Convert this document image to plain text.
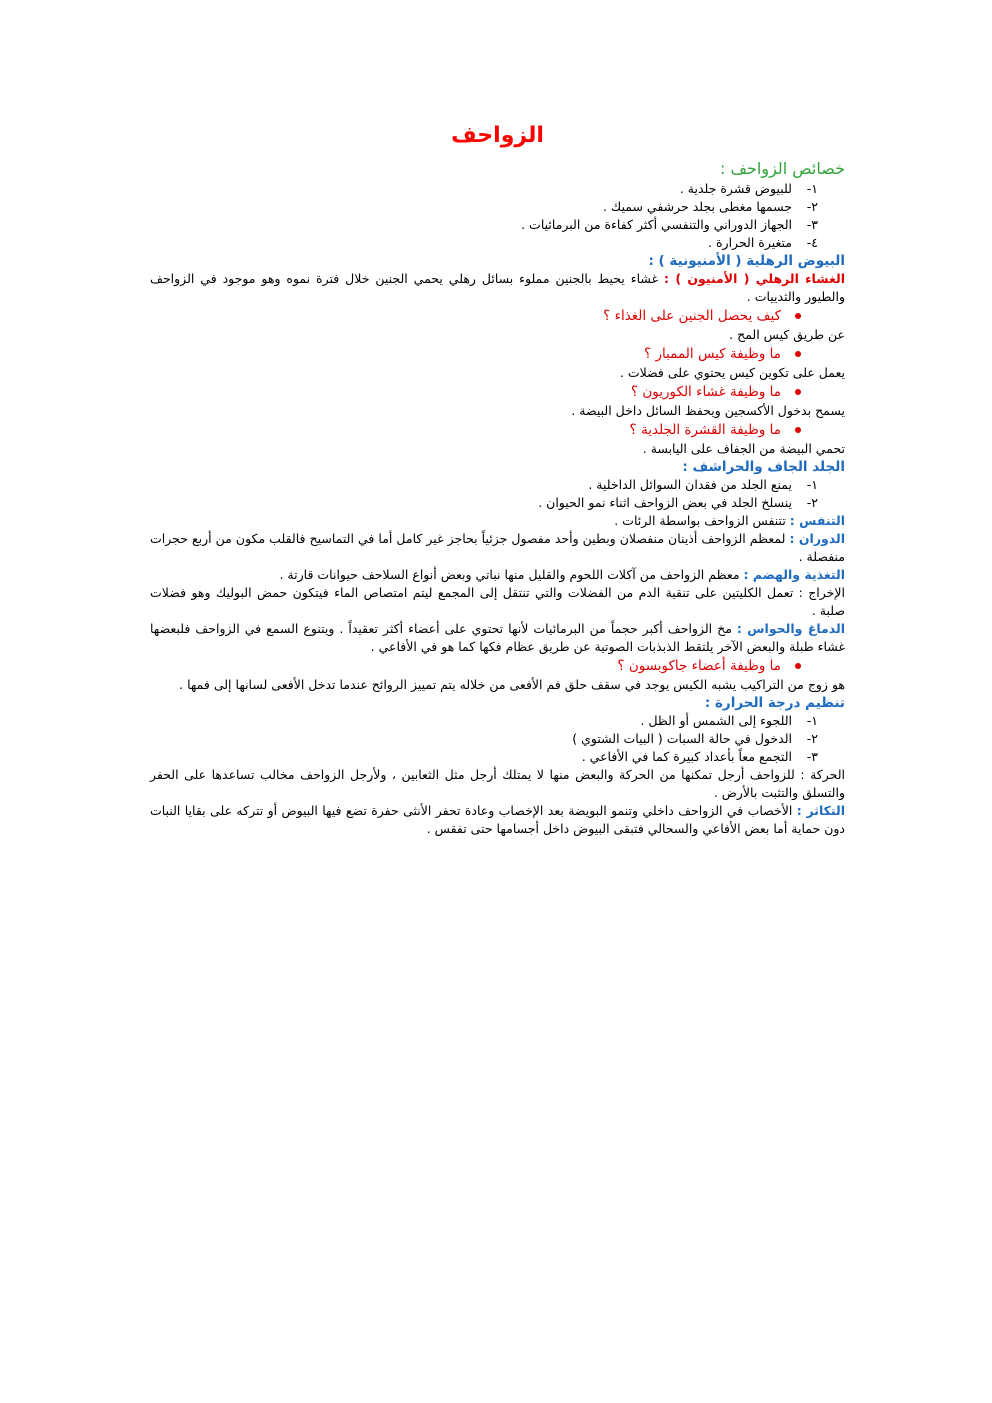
الزواحف
خصائص الزواحف :
١-للبيوض قشرة جلدية .
٢-جسمها مغطى بجلد حرشفي سميك .
٣-الجهاز الدوراني والتنفسي أكثر كفاءة من البرمائيات .
٤-متغيرة الحرارة .
البيوض الرهلية ( الأمنيونية ) :

الغشاء الرهلي ( الأمنيون ) : غشاء يحيط بالجنين مملوء بسائل رهلي يحمي الجنين خلال فترة نموه وهو موجود في الزواحف والطيور والثدييات .

كيف يحصل الجنين على الغذاء ؟

عن طريق كيس المح .

ما وظيفة كيس الممبار ؟

يعمل على تكوين كيس يحتوي على فضلات .

ما وظيفة غشاء الكوريون ؟

يسمح بدخول الأكسجين ويحفظ السائل داخل البيضة .

ما وظيفة القشرة الجلدية ؟

تحمي البيضة من الجفاف على اليابسة .

الجلد الجاف والحراشف :
١-يمنع الجلد من فقدان السوائل الداخلية .
٢-ينسلخ الجلد في بعض الزواحف اثناء نمو الحيوان .

التنفس : تتنفس الزواحف بواسطة الرئات .

الدوران : لمعظم الزواحف أذينان منفصلان وبطين وأحد مفصول جزئياً بحاجز غير كامل أما في التماسيح فالقلب مكون من أربع حجرات منفصلة .

التغذية والهضم : معظم الزواحف من آكلات اللحوم والقليل منها نباتي وبعض أنواع السلاحف حيوانات قارتة .

الإخراج : تعمل الكليتين على تنقية الدم من الفضلات والتي تنتقل إلى المجمع ليتم امتصاص الماء فيتكون حمض البوليك وهو فضلات صلبة .

الدماغ والحواس : مخ الزواحف أكبر حجماً من البرمائيات لأنها تحتوي على أعضاء أكثر تعقيداً . ويتنوع السمع في الزواحف فلبعضها غشاء طبلة والبعض الآخر يلتقط الذبذبات الصوتية عن طريق عظام فكها كما هو في الأفاعي .

ما وظيفة أعضاء جاكوبسون ؟

هو زوج من التراكيب يشبه الكيس يوجد في سقف حلق فم الأفعى من خلاله يتم تمييز الروائح عندما تدخل الأفعى لسانها إلى فمها .

تنظيم درجة الحرارة :
١-اللجوء إلى الشمس أو الظل .
٢-الدخول في حالة السبات ( البيات الشتوي )
٣-التجمع معاً بأعداد كبيرة كما في الأفاعي .

الحركة : للزواحف أرجل تمكنها من الحركة والبعض منها لا يمتلك أرجل مثل الثعابين ، ولأرجل الزواحف مخالب تساعدها على الحفر والتسلق والتثبت بالأرض .

التكاثر : الأخصاب في الزواحف داخلي وتنمو البويضة بعد الإخصاب وعادة تحفر الأنثى حفرة تضع فيها البيوض أو تتركه على بقايا النبات دون حماية أما بعض الأفاعي والسحالي فتبقى البيوض داخل أجسامها حتى تفقس .
